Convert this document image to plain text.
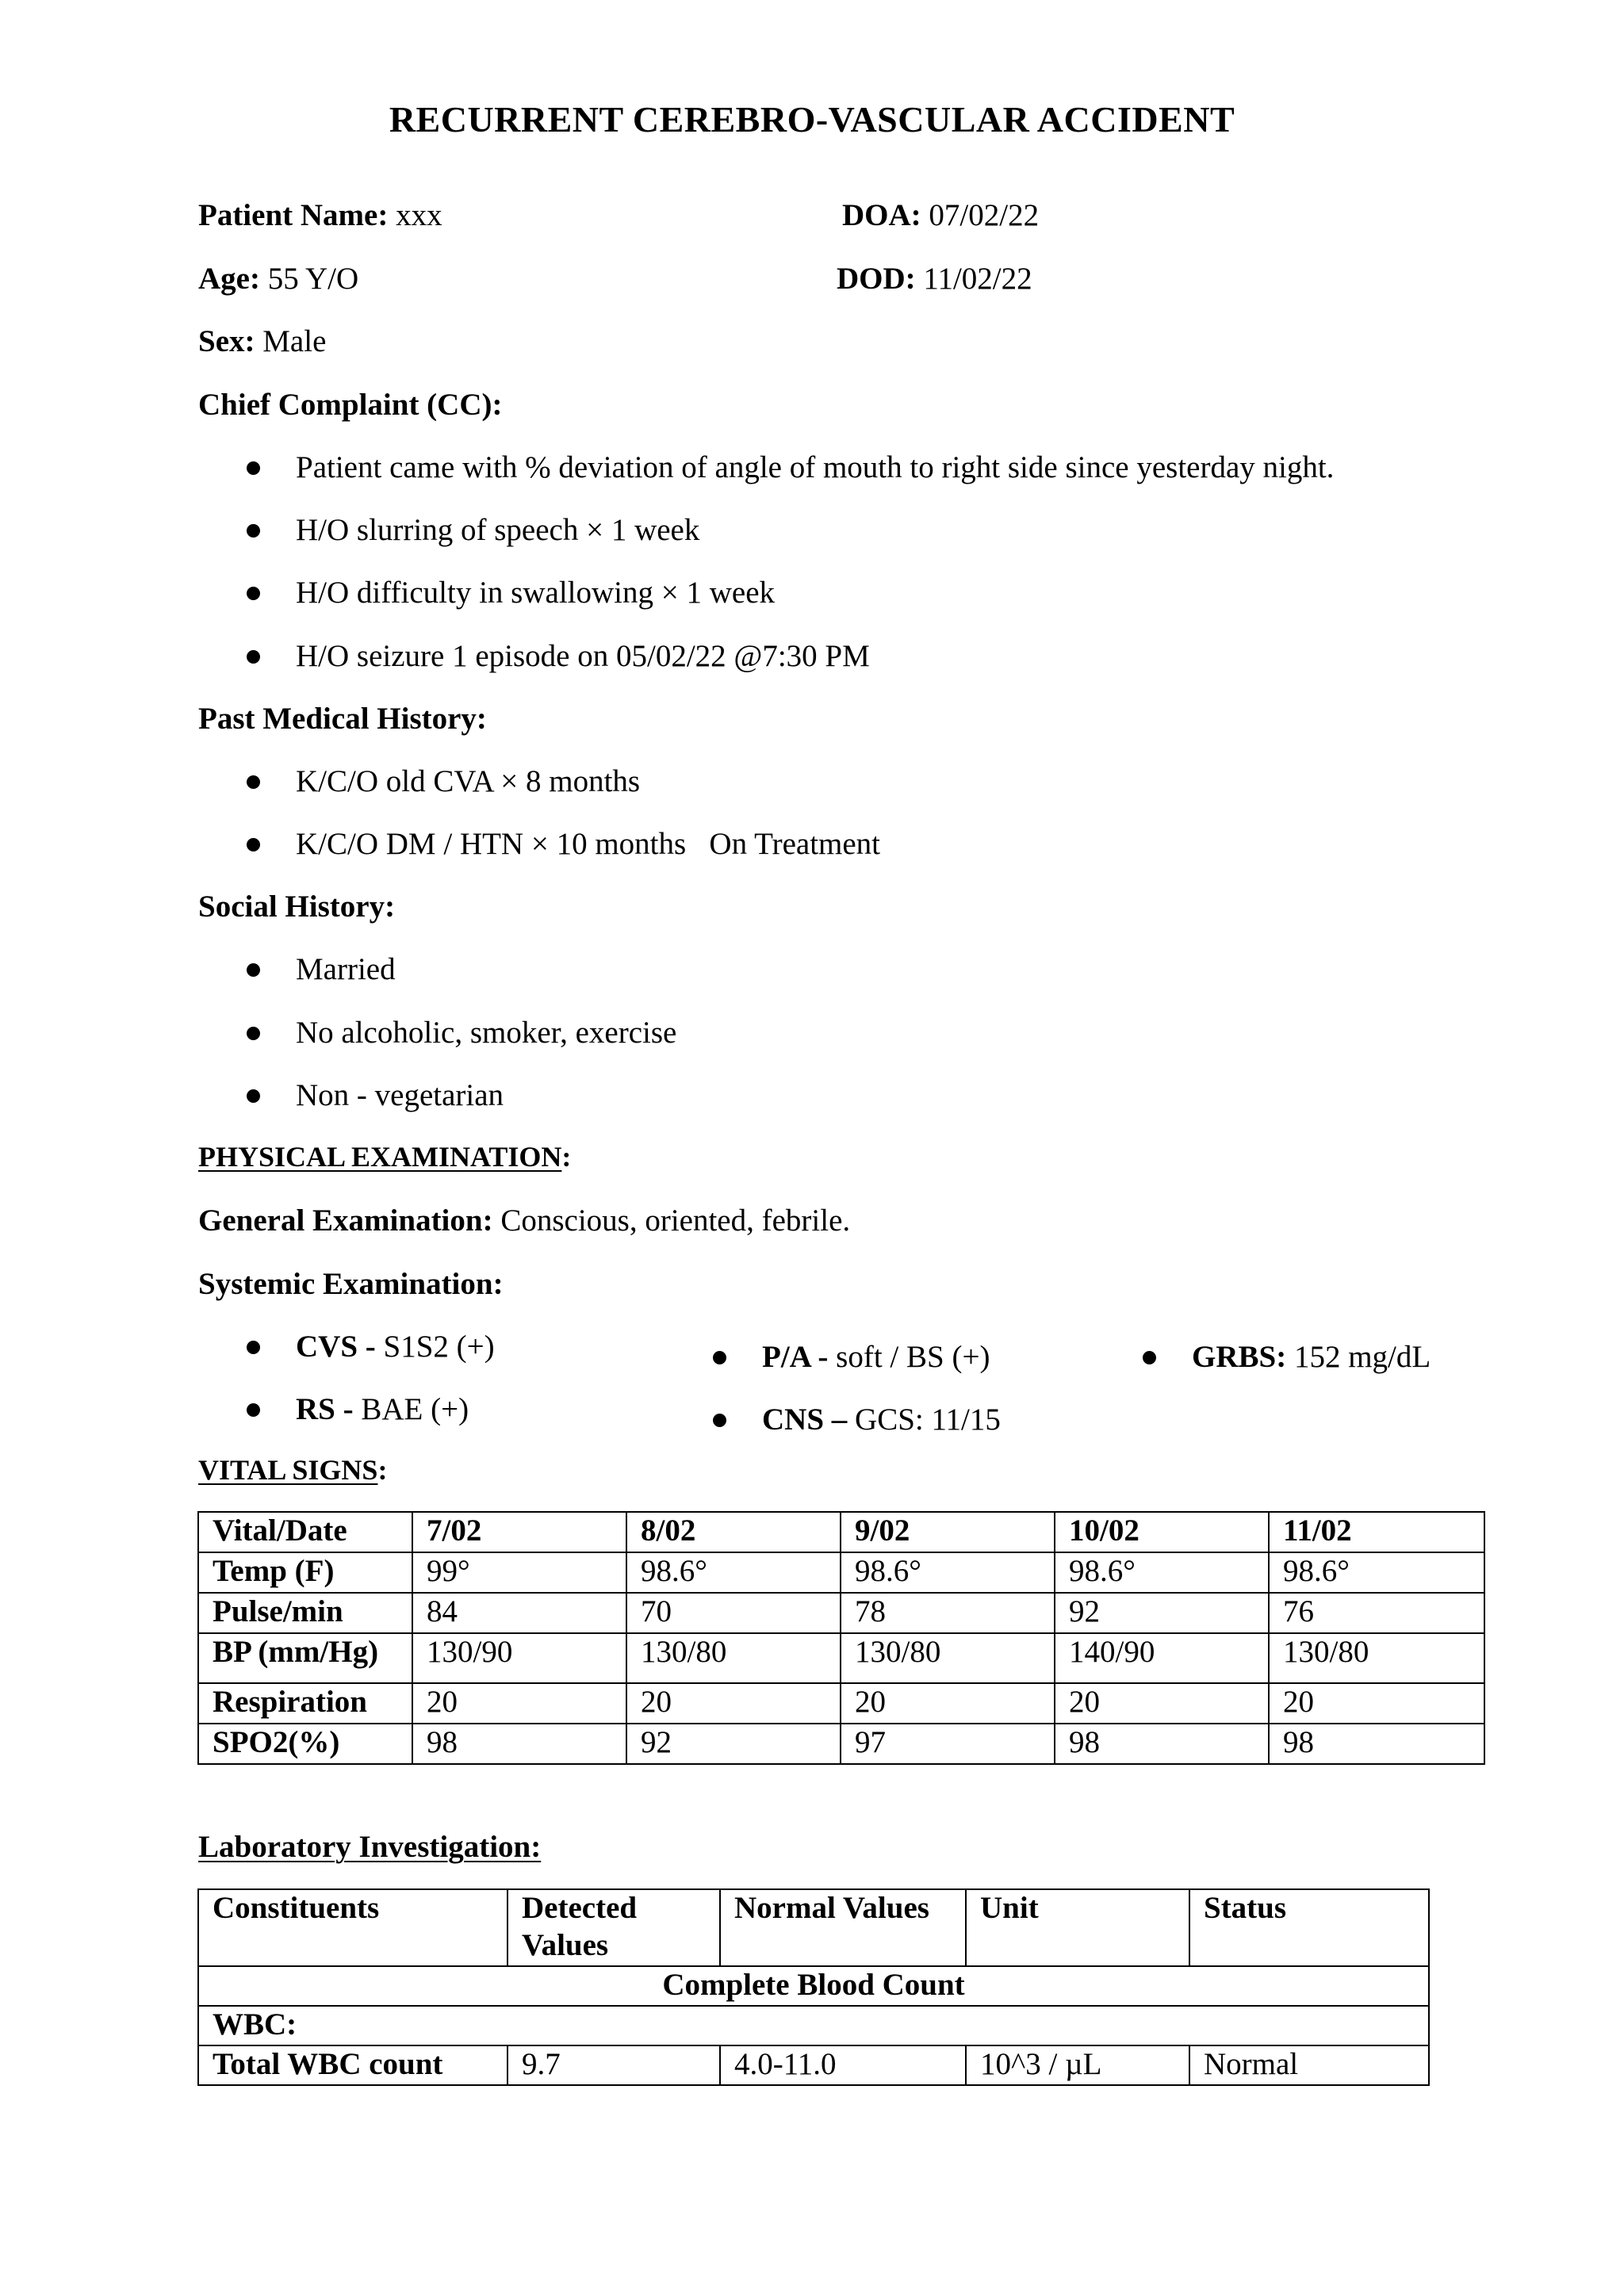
RECURRENT CEREBRO-VASCULAR ACCIDENT
Patient Name: xxx	DOA: 07/02/22
Age: 55 Y/O	DOD: 11/02/22
Sex: Male
Chief Complaint (CC):
Patient came with % deviation of angle of mouth to right side since yesterday night.
H/O slurring of speech × 1 week
H/O difficulty in swallowing × 1 week
H/O seizure 1 episode on 05/02/22 @7:30 PM
Past Medical History:
K/C/O old CVA × 8 months
K/C/O DM / HTN × 10 months   On Treatment
Social History:
Married
No alcoholic, smoker, exercise
Non - vegetarian
PHYSICAL EXAMINATION:
General Examination: Conscious, oriented, febrile.
Systemic Examination:
CVS - S1S2 (+)
RS - BAE (+)
P/A - soft / BS (+)
CNS – GCS: 11/15
GRBS: 152 mg/dL
VITAL SIGNS:
Vital/Date	7/02	8/02	9/02	10/02	11/02
Temp (F)	99°	98.6°	98.6°	98.6°	98.6°
Pulse/min	84	70	78	92	76
BP (mm/Hg)	130/90	130/80	130/80	140/90	130/80
Respiration	20	20	20	20	20
SPO2(%)	98	92	97	98	98
Laboratory Investigation:
Constituents	Detected Values	Normal Values	Unit	Status
Complete Blood Count				
WBC:				
Total WBC count	9.7	4.0-11.0	10^3 / µL	Normal
